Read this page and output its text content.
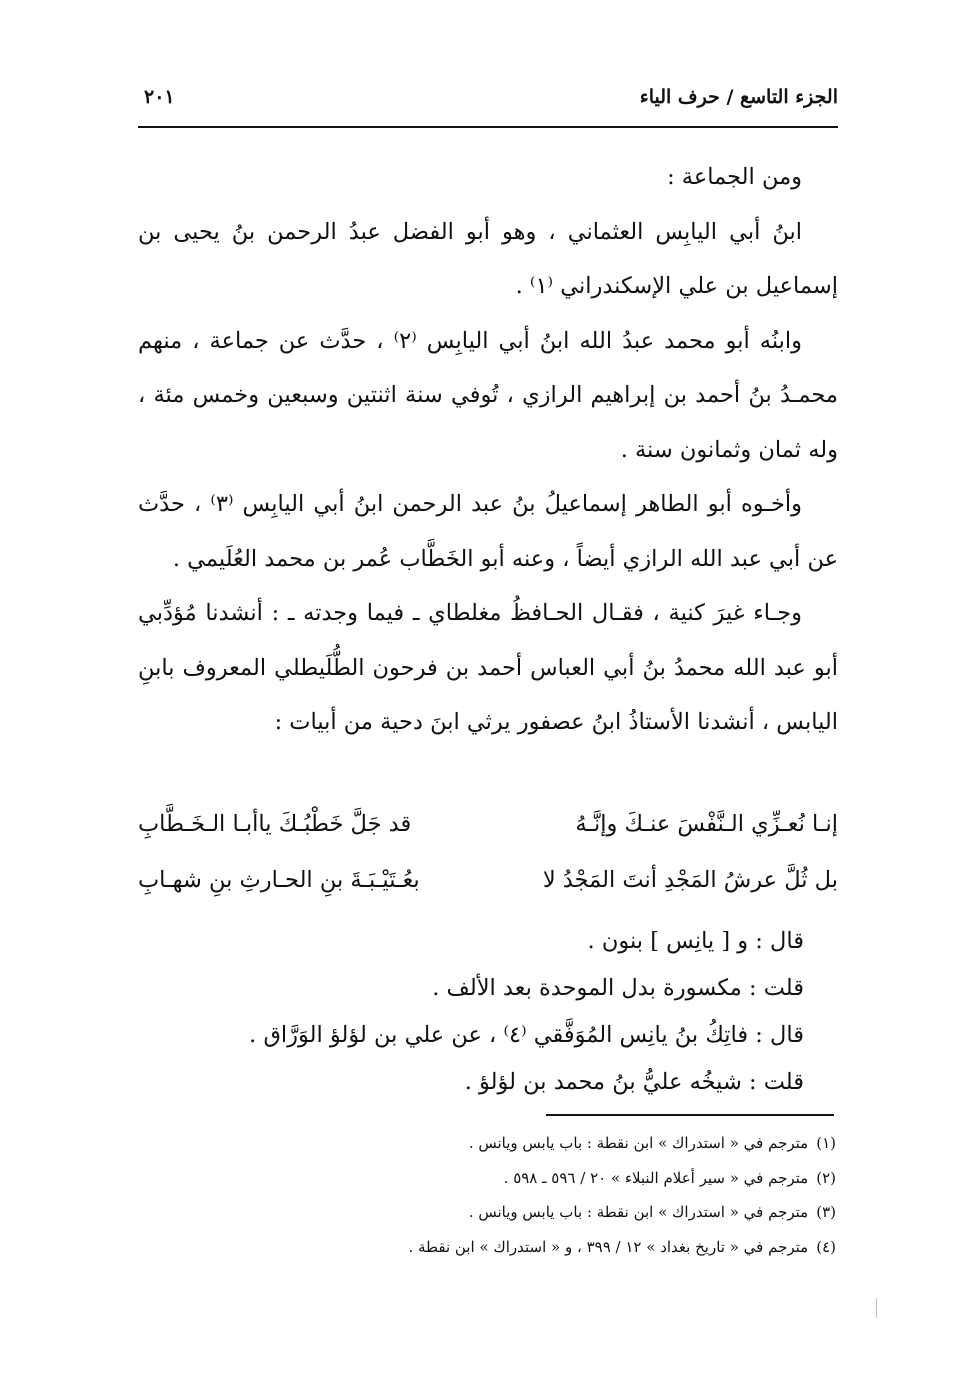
الجزء التاسع / حرف الياء
٢٠١

ومن الجماعة :

ابنُ أبي اليابِس العثماني ، وهو أبو الفضل عبدُ الرحمن بنُ يحيى بن إسماعيل بن علي الإسكندراني ⁽١⁾ .

وابنُه أبو محمد عبدُ الله ابنُ أبي اليابِس ⁽٢⁾ ، حدَّث عن جماعة ، منهم محمـدُ بنُ أحمد بن إبراهيم الرازي ، تُوفي سنة اثنتين وسبعين وخمس مئة ، وله ثمان وثمانون سنة .

وأخـوه أبو الطاهر إسماعيلُ بنُ عبد الرحمن ابنُ أبي اليابِس ⁽٣⁾ ، حدَّث عن أبي عبد الله الرازي أيضاً ، وعنه أبو الخَطَّاب عُمر بن محمد العُلَيمي .

وجـاء غيرَ كنية ، فقـال الحـافظُ مغلطاي ـ فيما وجدته ـ : أنشدنا مُؤدِّبي أبو عبد الله محمدُ بنُ أبي العباس أحمد بن فرحون الطُّلَيطلي المعروف بابنِ اليابس ، أنشدنا الأستاذُ ابنُ عصفور يرثي ابنَ دحية من أبيات :

إنـا نُعـزِّي الـنَّفْسَ عنـكَ وإنَّـهُ
قد جَلَّ خَطْبُـكَ ياأبـا الـخَـطَّابِ
بل ثُلَّ عرشُ المَجْدِ أنتَ المَجْدُ لا
بعُـتَيْـبَـةَ بنِ الحـارثِ بنِ شهـابِ
قال : و [ يانِس ] بنون .
قلت : مكسورة بدل الموحدة بعد الألف .
قال : فاتِكُ بنُ يانِس المُوَفَّقي ⁽٤⁾ ، عن علي بن لؤلؤ الوَرَّاق .
قلت : شيخُه عليُّ بنُ محمد بن لؤلؤ .
(١)مترجم في « استدراك » ابن نقطة : باب يابس ويانس .
(٢)مترجم في « سير أعلام النبلاء » ٢٠ / ٥٩٦ ـ ٥٩٨ .
(٣)مترجم في « استدراك » ابن نقطة : باب يابس ويانس .
(٤)مترجم في « تاريخ بغداد » ١٢ / ٣٩٩ ، و « استدراك » ابن نقطة .
